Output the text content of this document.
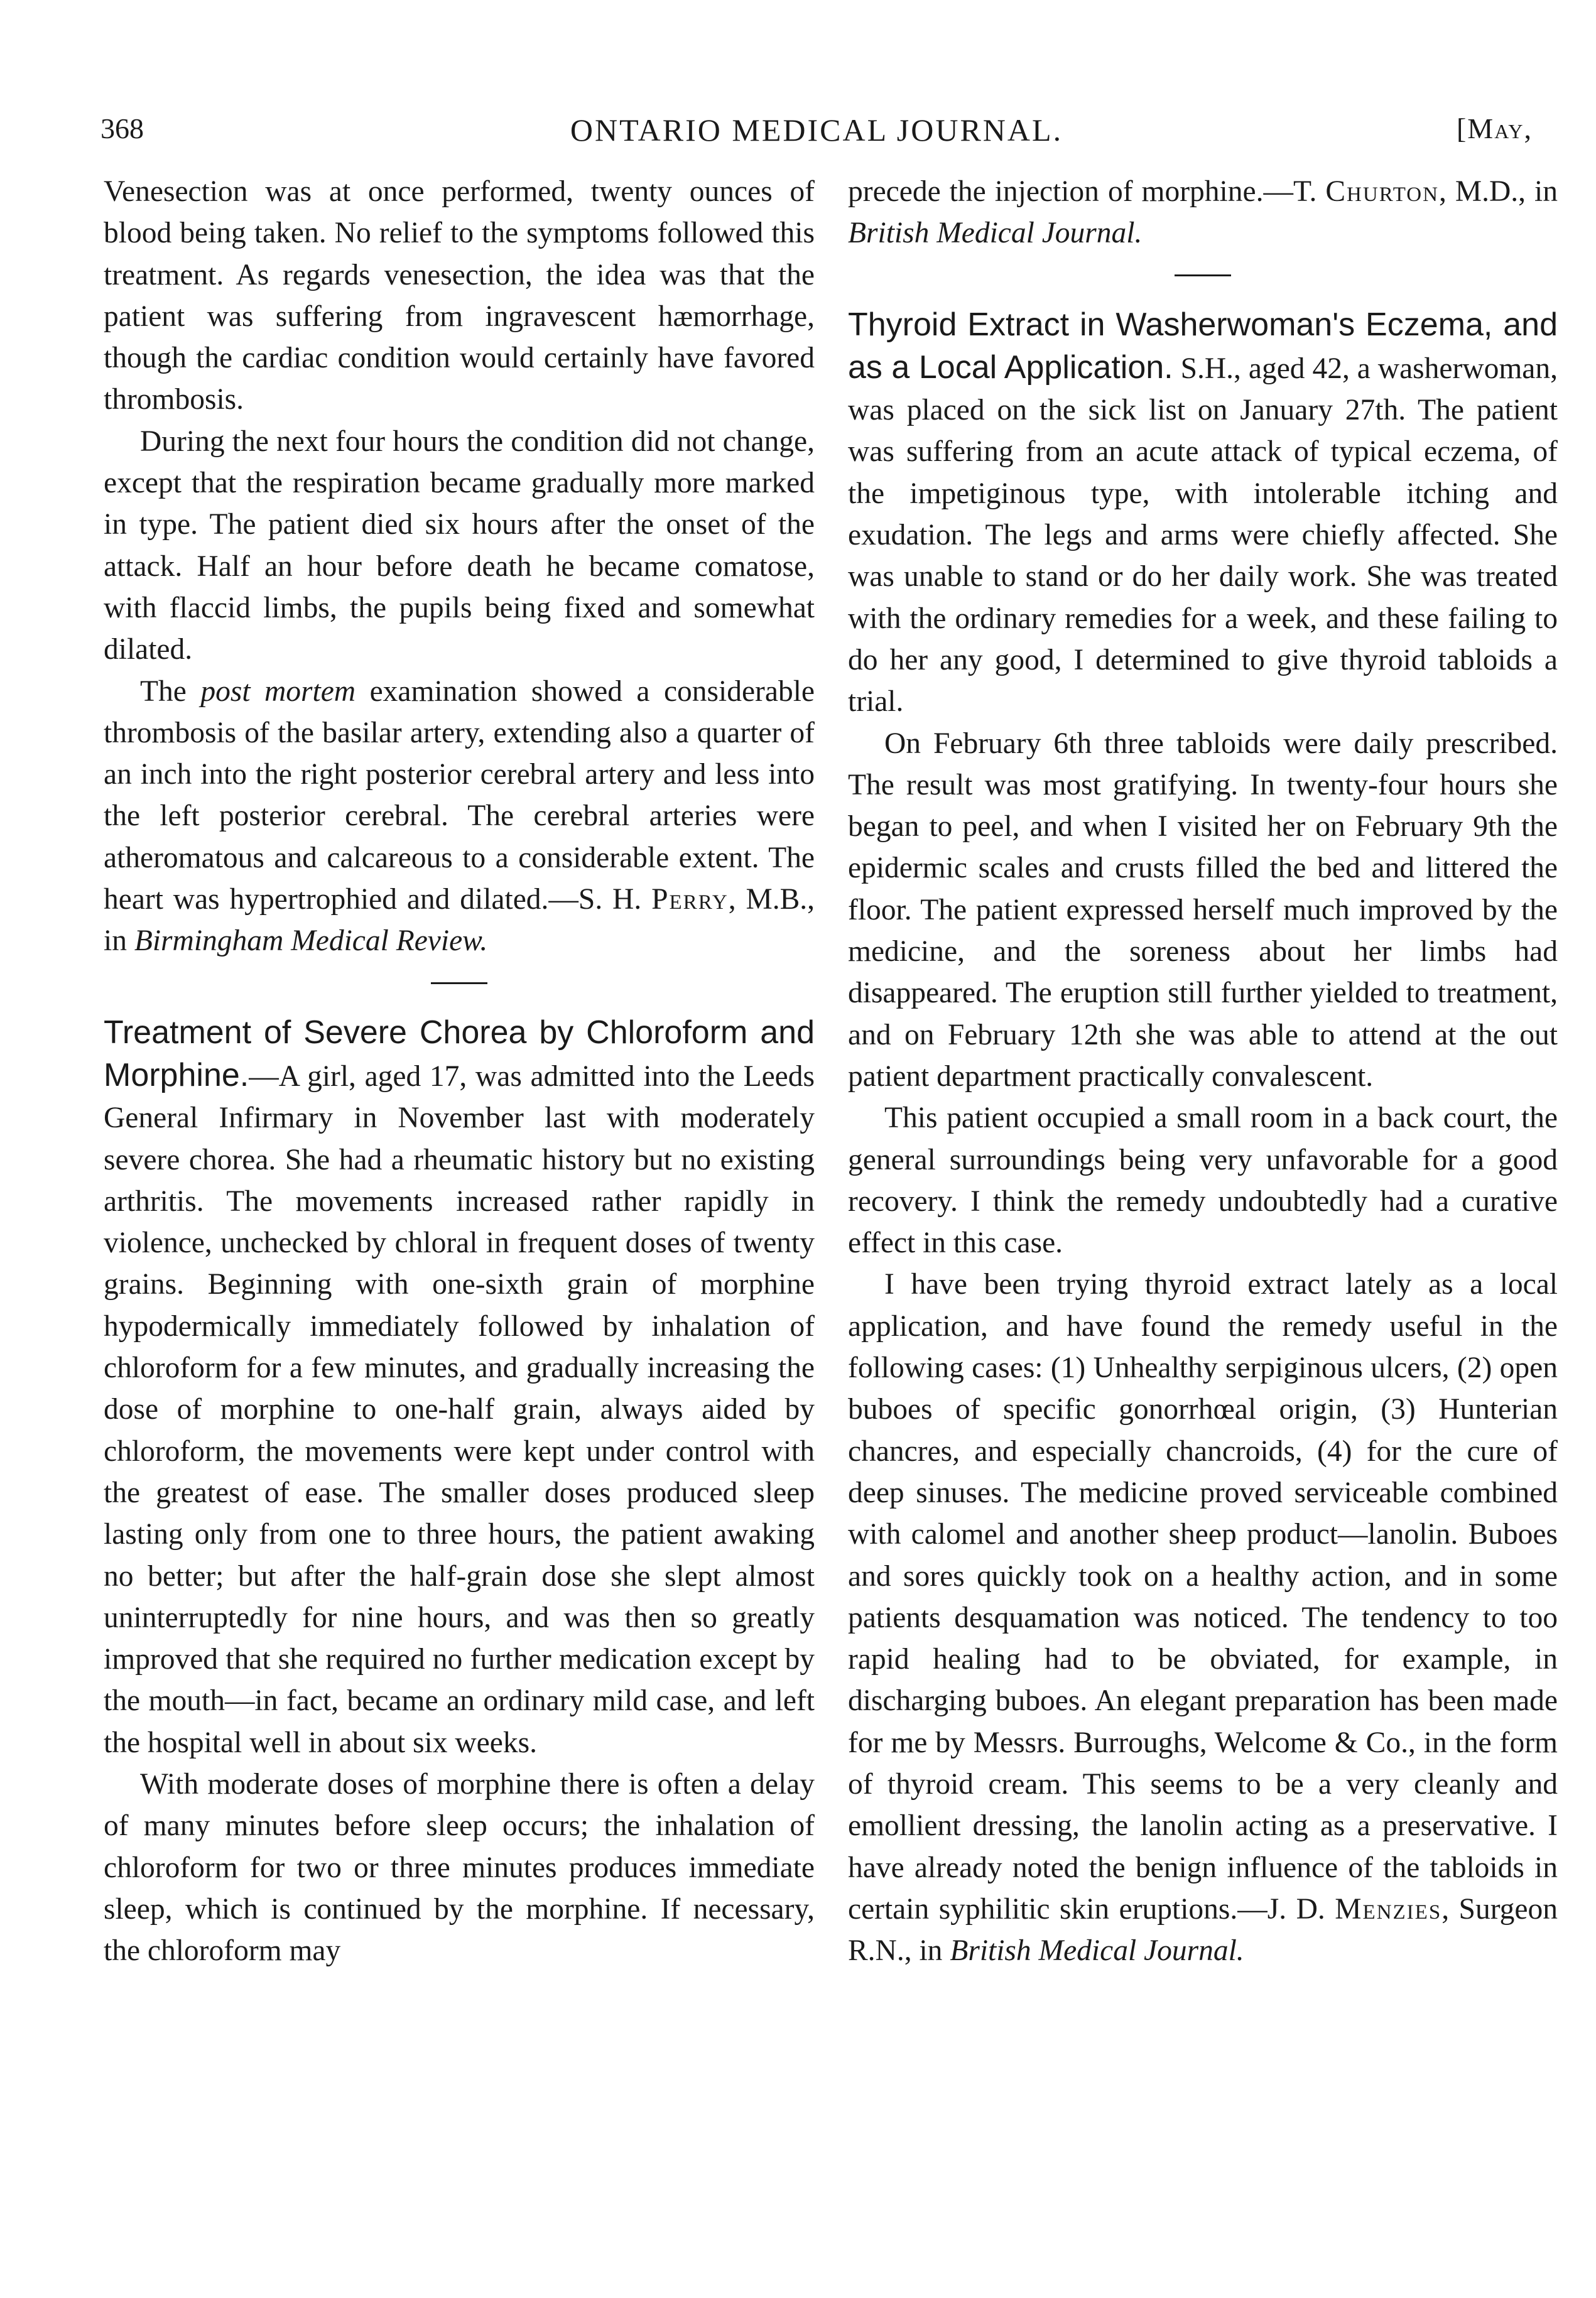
368	ONTARIO MEDICAL JOURNAL.	[May,

Venesection was at once performed, twenty ounces of blood being taken. No relief to the symptoms followed this treatment. As regards venesection, the idea was that the patient was suffering from ingravescent hæmorrhage, though the cardiac condition would certainly have favored thrombosis.

During the next four hours the condition did not change, except that the respiration became gradually more marked in type. The patient died six hours after the onset of the attack. Half an hour before death he became comatose, with flaccid limbs, the pupils being fixed and somewhat dilated.

The post mortem examination showed a considerable thrombosis of the basilar artery, extending also a quarter of an inch into the right posterior cerebral artery and less into the left posterior cerebral. The cerebral arteries were atheromatous and calcareous to a considerable extent. The heart was hypertrophied and dilated.—S. H. Perry, M.B., in Birmingham Medical Review.

Treatment of Severe Chorea by Chloroform and Morphine.—A girl, aged 17, was admitted into the Leeds General Infirmary in November last with moderately severe chorea. She had a rheumatic history but no existing arthritis. The movements increased rather rapidly in violence, unchecked by chloral in frequent doses of twenty grains. Beginning with one-sixth grain of morphine hypodermically immediately followed by inhalation of chloroform for a few minutes, and gradually increasing the dose of morphine to one-half grain, always aided by chloroform, the movements were kept under control with the greatest of ease. The smaller doses produced sleep lasting only from one to three hours, the patient awaking no better; but after the half-grain dose she slept almost uninterruptedly for nine hours, and was then so greatly improved that she required no further medication except by the mouth—in fact, became an ordinary mild case, and left the hospital well in about six weeks.

With moderate doses of morphine there is often a delay of many minutes before sleep occurs; the inhalation of chloroform for two or three minutes produces immediate sleep, which is continued by the morphine. If necessary, the chloroform may

precede the injection of morphine.—T. Churton, M.D., in British Medical Journal.

Thyroid Extract in Washerwoman's Eczema, and as a Local Application. S.H., aged 42, a washerwoman, was placed on the sick list on January 27th. The patient was suffering from an acute attack of typical eczema, of the impetiginous type, with intolerable itching and exudation. The legs and arms were chiefly affected. She was unable to stand or do her daily work. She was treated with the ordinary remedies for a week, and these failing to do her any good, I determined to give thyroid tabloids a trial.

On February 6th three tabloids were daily prescribed. The result was most gratifying. In twenty-four hours she began to peel, and when I visited her on February 9th the epidermic scales and crusts filled the bed and littered the floor. The patient expressed herself much improved by the medicine, and the soreness about her limbs had disappeared. The eruption still further yielded to treatment, and on February 12th she was able to attend at the out patient department practically convalescent.

This patient occupied a small room in a back court, the general surroundings being very unfavorable for a good recovery. I think the remedy undoubtedly had a curative effect in this case.

I have been trying thyroid extract lately as a local application, and have found the remedy useful in the following cases: (1) Unhealthy serpiginous ulcers, (2) open buboes of specific gonorrhœal origin, (3) Hunterian chancres, and especially chancroids, (4) for the cure of deep sinuses. The medicine proved serviceable combined with calomel and another sheep product—lanolin. Buboes and sores quickly took on a healthy action, and in some patients desquamation was noticed. The tendency to too rapid healing had to be obviated, for example, in discharging buboes. An elegant preparation has been made for me by Messrs. Burroughs, Welcome & Co., in the form of thyroid cream. This seems to be a very cleanly and emollient dressing, the lanolin acting as a preservative. I have already noted the benign influence of the tabloids in certain syphilitic skin eruptions.—J. D. Menzies, Surgeon R.N., in British Medical Journal.
